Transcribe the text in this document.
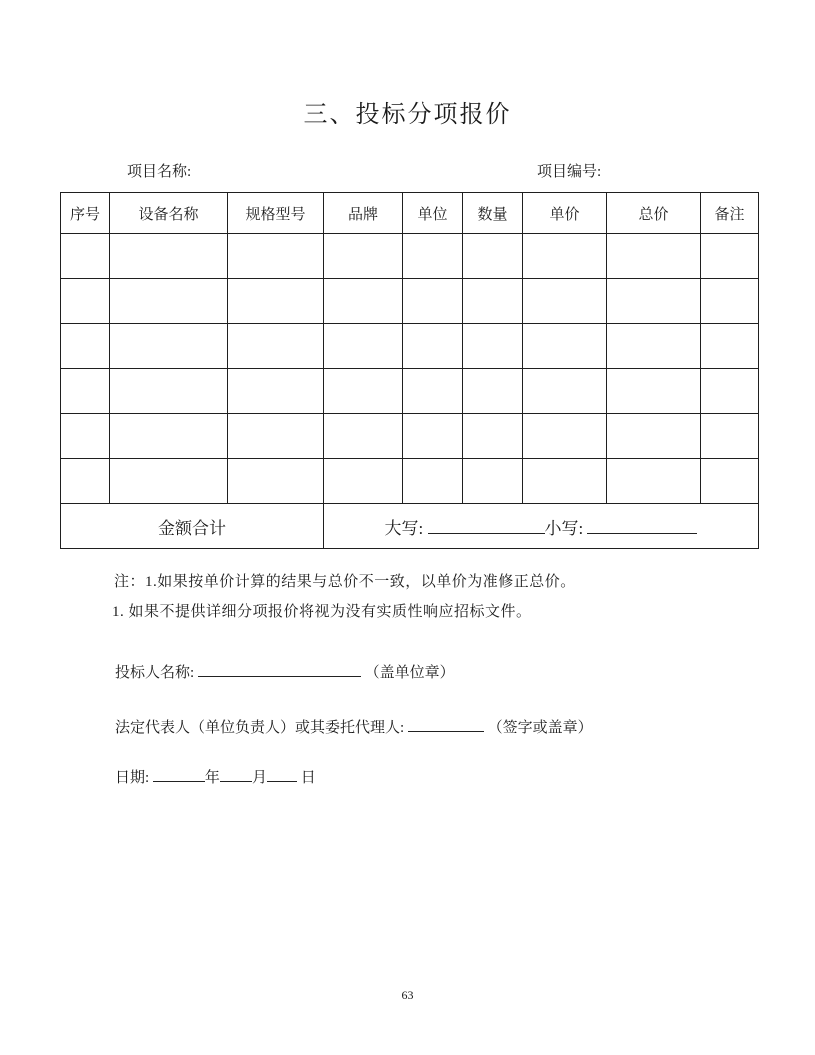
三、投标分项报价
项目名称:	项目编号:
序号	设备名称	规格型号	品牌	单位	数量	单价	总价	备注

金额合计			大写: 小写:					
注：1.如果按单价计算的结果与总价不一致，以单价为准修正总价。
1. 如果不提供详细分项报价将视为没有实质性响应招标文件。
投标人名称:	（盖单位章）
法定代表人（单位负责人）或其委托代理人:	（签字或盖章）
日期:	年 月 日
63
